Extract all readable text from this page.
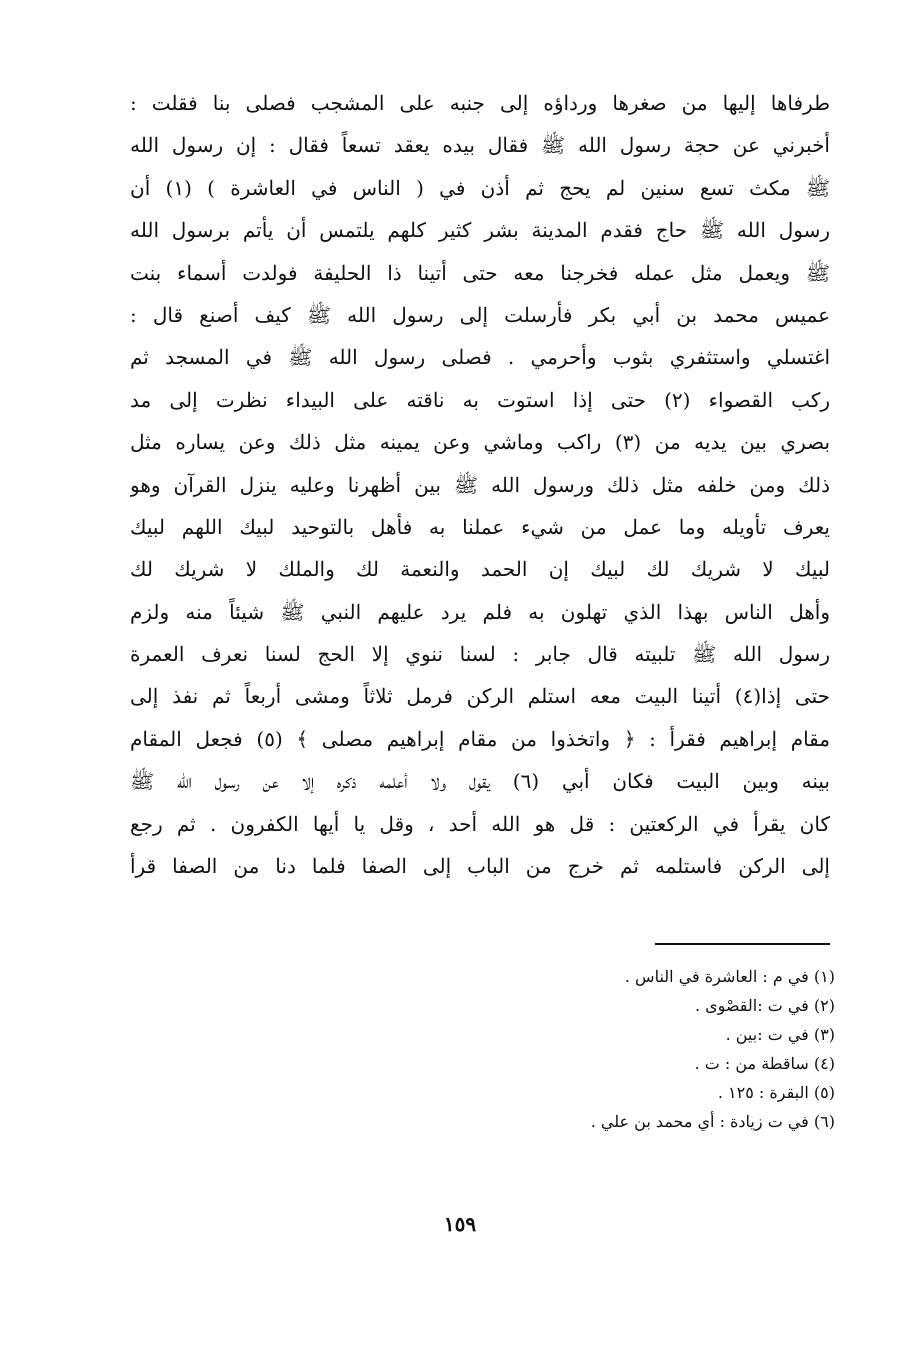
طرفاها إليها من صغرها ورداؤه إلى جنبه على المشجب فصلى بنا فقلت :
أخبرني عن حجة رسول الله ﷺ فقال بيده يعقد تسعاً فقال : إن رسول الله
ﷺ مكث تسع سنين لم يحج ثم أذن في ( الناس في العاشرة ) (١) أن
رسول الله ﷺ حاج فقدم المدينة بشر كثير كلهم يلتمس أن يأتم برسول الله
ﷺ ويعمل مثل عمله فخرجنا معه حتى أتينا ذا الحليفة فولدت أسماء بنت
عميس محمد بن أبي بكر فأرسلت إلى رسول الله ﷺ كيف أصنع قال :
اغتسلي واستثفري بثوب وأحرمي . فصلى رسول الله ﷺ في المسجد ثم
ركب القصواء (٢) حتى إذا استوت به ناقته على البيداء نظرت إلى مد
بصري بين يديه من (٣) راكب وماشي وعن يمينه مثل ذلك وعن يساره مثل
ذلك ومن خلفه مثل ذلك ورسول الله ﷺ بين أظهرنا وعليه ينزل القرآن وهو
يعرف تأويله وما عمل من شيء عملنا به فأهل بالتوحيد لبيك اللهم لبيك
لبيك لا شريك لك لبيك إن الحمد والنعمة لك والملك لا شريك لك
وأهل الناس بهذا الذي تهلون به فلم يرد عليهم النبي ﷺ شيئاً منه ولزم
رسول الله ﷺ تلبيته قال جابر : لسنا ننوي إلا الحج لسنا نعرف العمرة
حتى إذا(٤) أتينا البيت معه استلم الركن فرمل ثلاثاً ومشى أربعاً ثم نفذ إلى
مقام إبراهيم فقرأ : ﴿ واتخذوا من مقام إبراهيم مصلى ﴾ (٥) فجعل المقام
بينه وبين البيت فكان أبي (٦) يقول ولا أعلمه ذكره إلا عن رسول الله ﷺ
كان يقرأ في الركعتين : قل هو الله أحد ، وقل يا أيها الكفرون . ثم رجع
إلى الركن فاستلمه ثم خرج من الباب إلى الصفا فلما دنا من الصفا قرأ
(١) في م : العاشرة في الناس .
(٢) في ت :القصْوى .
(٣) في ت :بين .
(٤) ساقطة من : ت .
(٥) البقرة : ١٢٥ .
(٦) في ت زيادة : أي محمد بن علي .
١٥٩
